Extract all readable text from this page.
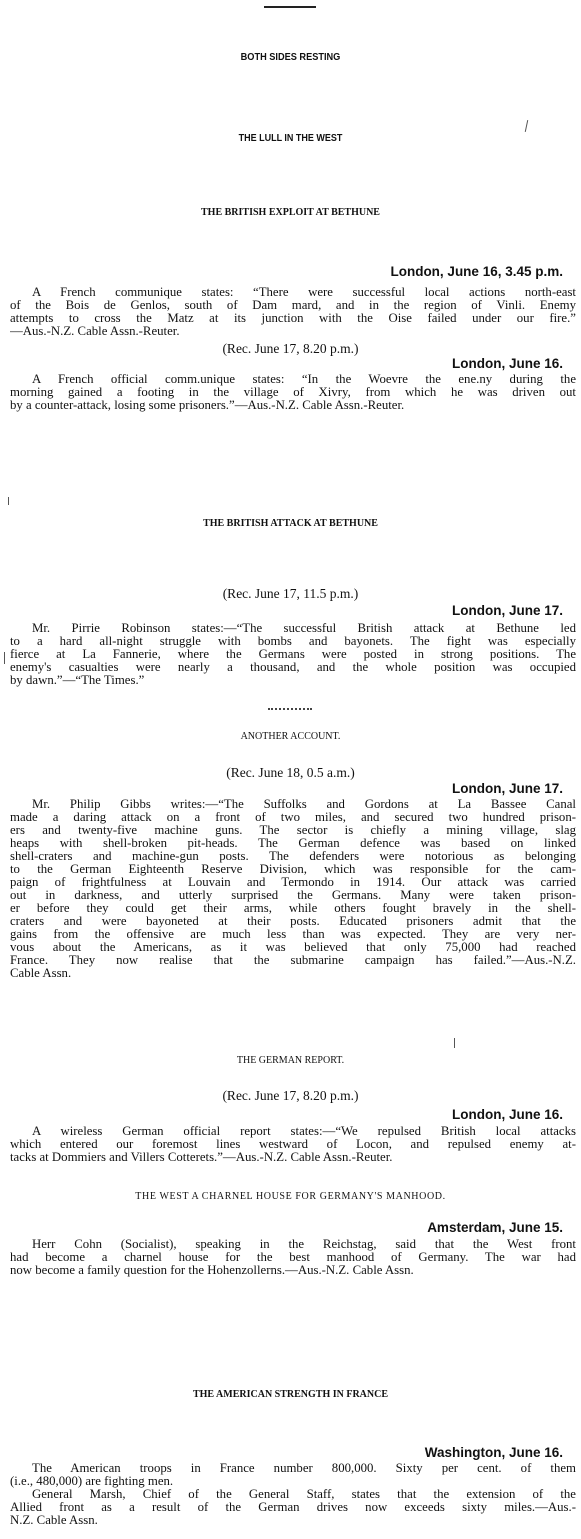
BOTH SIDES RESTING
THE LULL IN THE WEST
THE BRITISH EXPLOIT AT BETHUNE
London, June 16, 3.45 p.m.

A French communique states: “There were successful local actions north-east
of the Bois de Genlos, south of Dam mard, and in the region of Vinli. Enemy
attempts to cross the Matz at its junction with the Oise failed under our fire.”
—Aus.-N.Z. Cable Assn.-Reuter.

(Rec. June 17, 8.20 p.m.)
London, June 16.

A French official comm.unique states: “In the Woevre the ene.ny during the
morning gained a footing in the village of Xivry, from which he was driven out
by a counter-attack, losing some prisoners.”—Aus.-N.Z. Cable Assn.-Reuter.

THE BRITISH ATTACK AT BETHUNE
(Rec. June 17, 11.5 p.m.)
London, June 17.

Mr. Pirrie Robinson states:—“The successful British attack at Bethune led
to a hard all-night struggle with bombs and bayonets. The fight was especially
fierce at La Fannerie, where the Germans were posted in strong positions. The
enemy's casualties were nearly a thousand, and the whole position was occupied
by dawn.”—“The Times.”

ANOTHER ACCOUNT.
(Rec. June 18, 0.5 a.m.)
London, June 17.

Mr. Philip Gibbs writes:—“The Suffolks and Gordons at La Bassee Canal
made a daring attack on a front of two miles, and secured two hundred prison-
ers and twenty-five machine guns. The sector is chiefly a mining village, slag
heaps with shell-broken pit-heads. The German defence was based on linked
shell-craters and machine-gun posts. The defenders were notorious as belonging
to the German Eighteenth Reserve Division, which was responsible for the cam-
paign of frightfulness at Louvain and Termondo in 1914. Our attack was carried
out in darkness, and utterly surprised the Germans. Many were taken prison-
er before they could get their arms, while others fought bravely in the shell-
craters and were bayoneted at their posts. Educated prisoners admit that the
gains from the offensive are much less than was expected. They are very ner-
vous about the Americans, as it was believed that only 75,000 had reached
France. They now realise that the submarine campaign has failed.”—Aus.-N.Z.
Cable Assn.

THE GERMAN REPORT.
(Rec. June 17, 8.20 p.m.)
London, June 16.

A wireless German official report states:—“We repulsed British local attacks
which entered our foremost lines westward of Locon, and repulsed enemy at-
tacks at Dommiers and Villers Cotterets.”—Aus.-N.Z. Cable Assn.-Reuter.

THE WEST A CHARNEL HOUSE FOR GERMANY'S MANHOOD.
Amsterdam, June 15.

Herr Cohn (Socialist), speaking in the Reichstag, said that the West front
had become a charnel house for the best manhood of Germany. The war had
now become a family question for the Hohenzollerns.—Aus.-N.Z. Cable Assn.

THE AMERICAN STRENGTH IN FRANCE
Washington, June 16.

The American troops in France number 800,000. Sixty per cent. of them
(i.e., 480,000) are fighting men.
General Marsh, Chief of the General Staff, states that the extension of the
Allied front as a result of the German drives now exceeds sixty miles.—Aus.-
N.Z. Cable Assn.
